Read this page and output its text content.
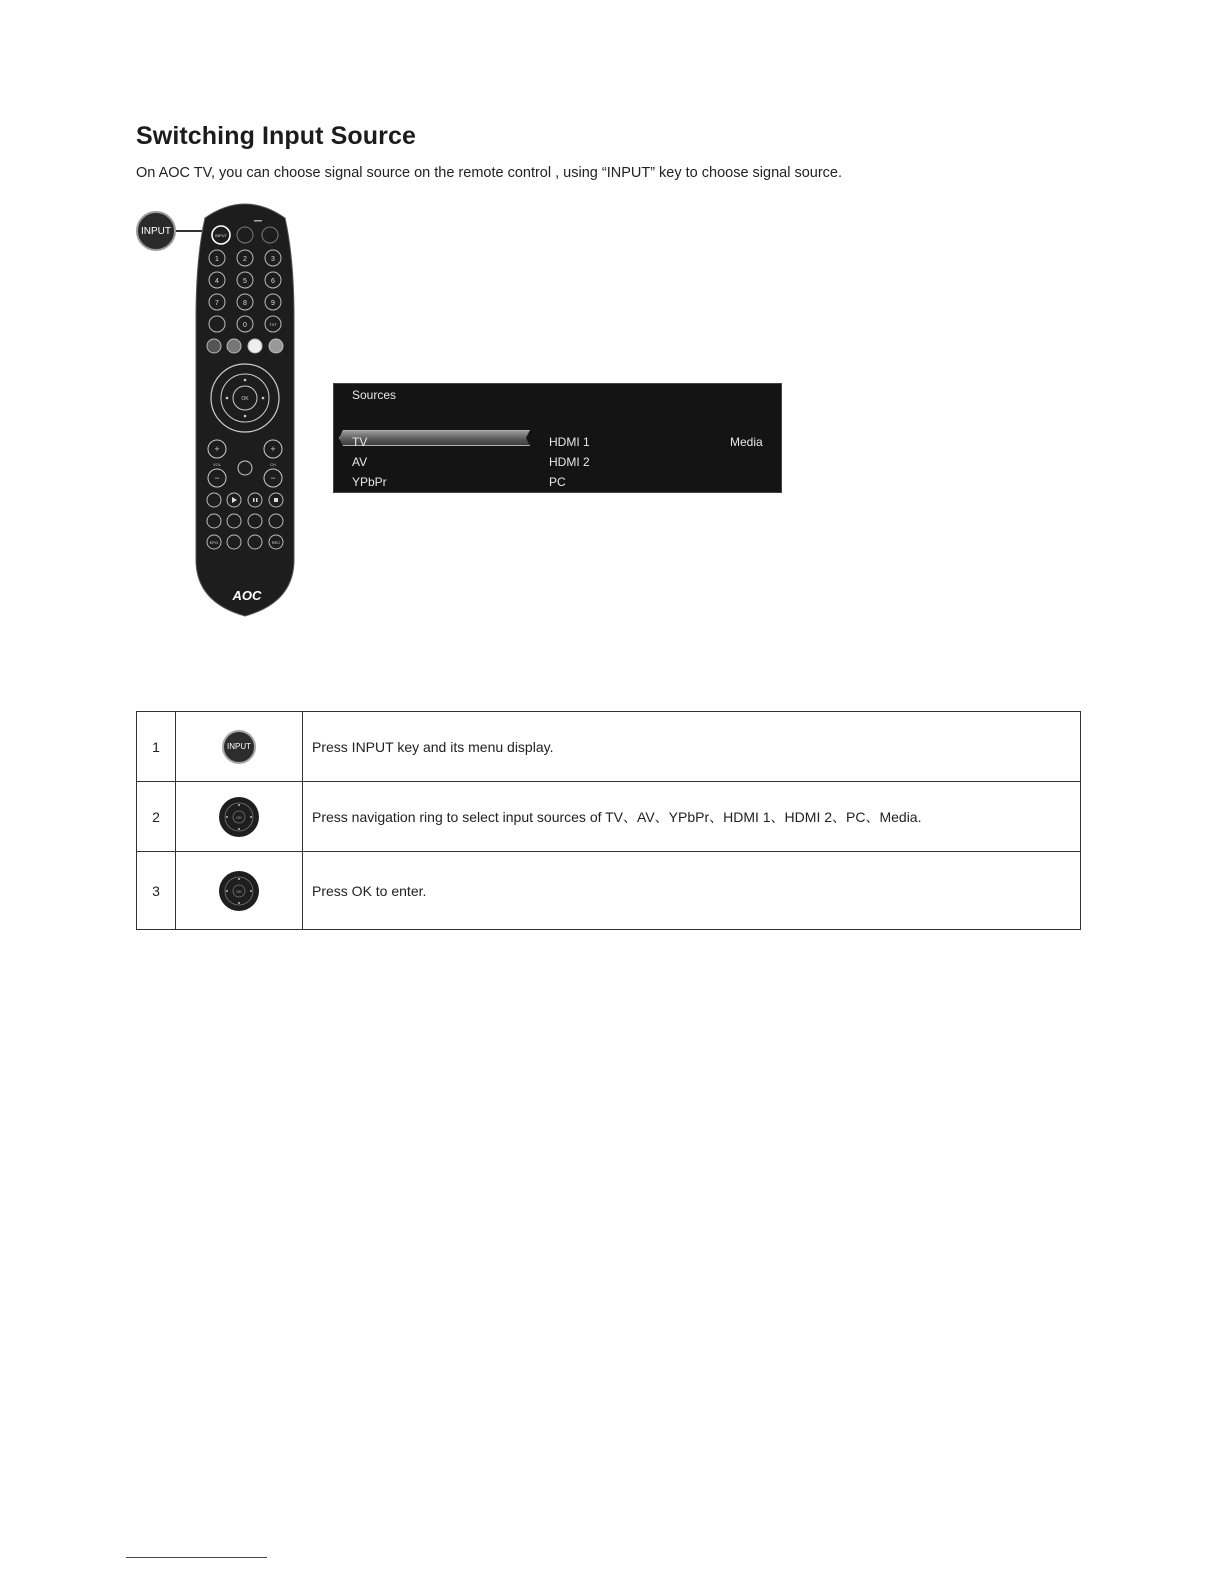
Switching Input Source
On AOC TV, you can choose signal source on the remote control , using “INPUT” key to choose signal source.
INPUT	INPUT
1	2	3
4	5	6
7	8	9
0	TXT
OK
+
−
+
−
VOL	CH
EPG	REC
AOC
Sources
TV
AV
YPbPr
HDMI 1
HDMI 2
PC
Media
1	INPUT	Press INPUT key and its menu display.
2	OK	Press navigation ring to select input sources of TV、AV、YPbPr、HDMI 1、HDMI 2、PC、Media.
3	OK	Press OK to enter.
